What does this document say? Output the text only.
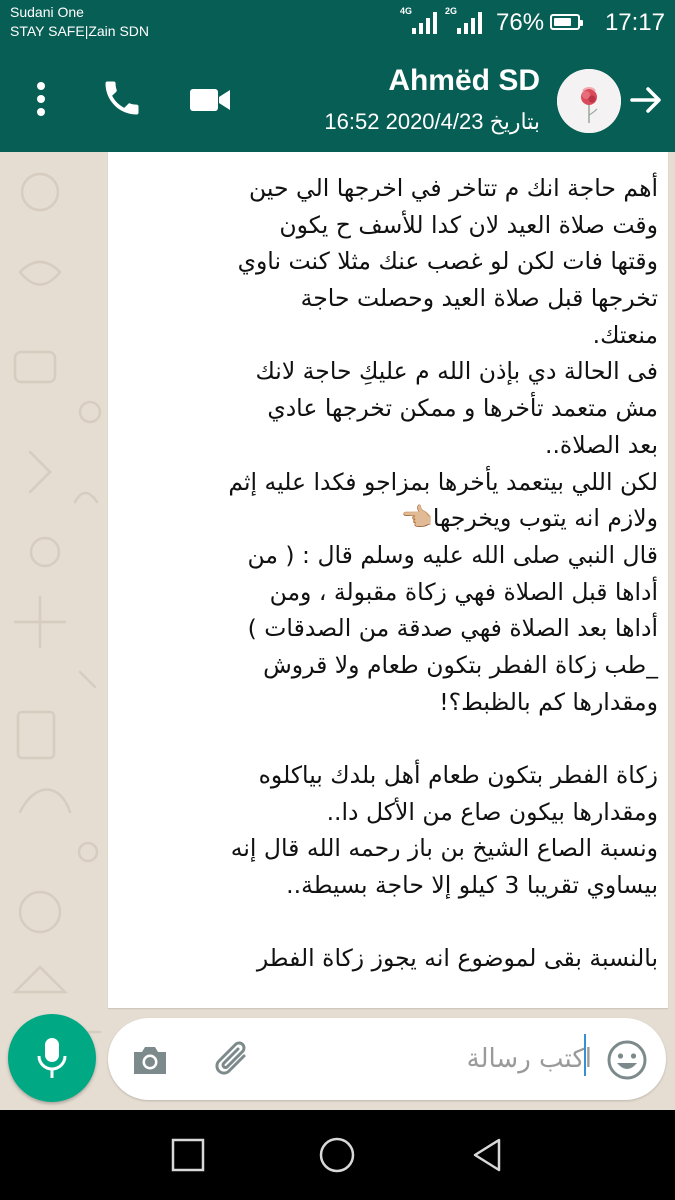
Sudani One
STAY SAFE|Zain SDN
4G	2G 76%	17:17
Ahmëd SD
بتاريخ 2020/4/23 16:52
أهم حاجة انك م تتاخر في اخرجها الي حين
وقت صلاة العيد لان كدا للأسف ح يكون
وقتها فات لكن لو غصب عنك مثلا كنت ناوي
تخرجها قبل صلاة العيد وحصلت حاجة
منعتك.
فى الحالة دي بإذن الله م عليكِ حاجة لانك
مش متعمد تأخرها و ممكن تخرجها عادي
بعد الصلاة..
لكن اللي بيتعمد يأخرها بمزاجو فكدا عليه إثم
ولازم انه يتوب ويخرجها👈🏼
قال النبي صلى الله عليه وسلم قال : ( من
أداها قبل الصلاة فهي زكاة مقبولة ، ومن
أداها بعد الصلاة فهي صدقة من الصدقات )
_طب زكاة الفطر بتكون طعام ولا قروش
ومقدارها كم بالظبط؟!
زكاة الفطر بتكون طعام أهل بلدك بياكلوه
ومقدارها بيكون صاع من الأكل دا..
ونسبة الصاع الشيخ بن باز رحمه الله قال إنه
بيساوي تقريبا 3 كيلو إلا حاجة بسيطة..
بالنسبة بقى لموضوع انه يجوز زكاة الفطر
اكتب رسالة
